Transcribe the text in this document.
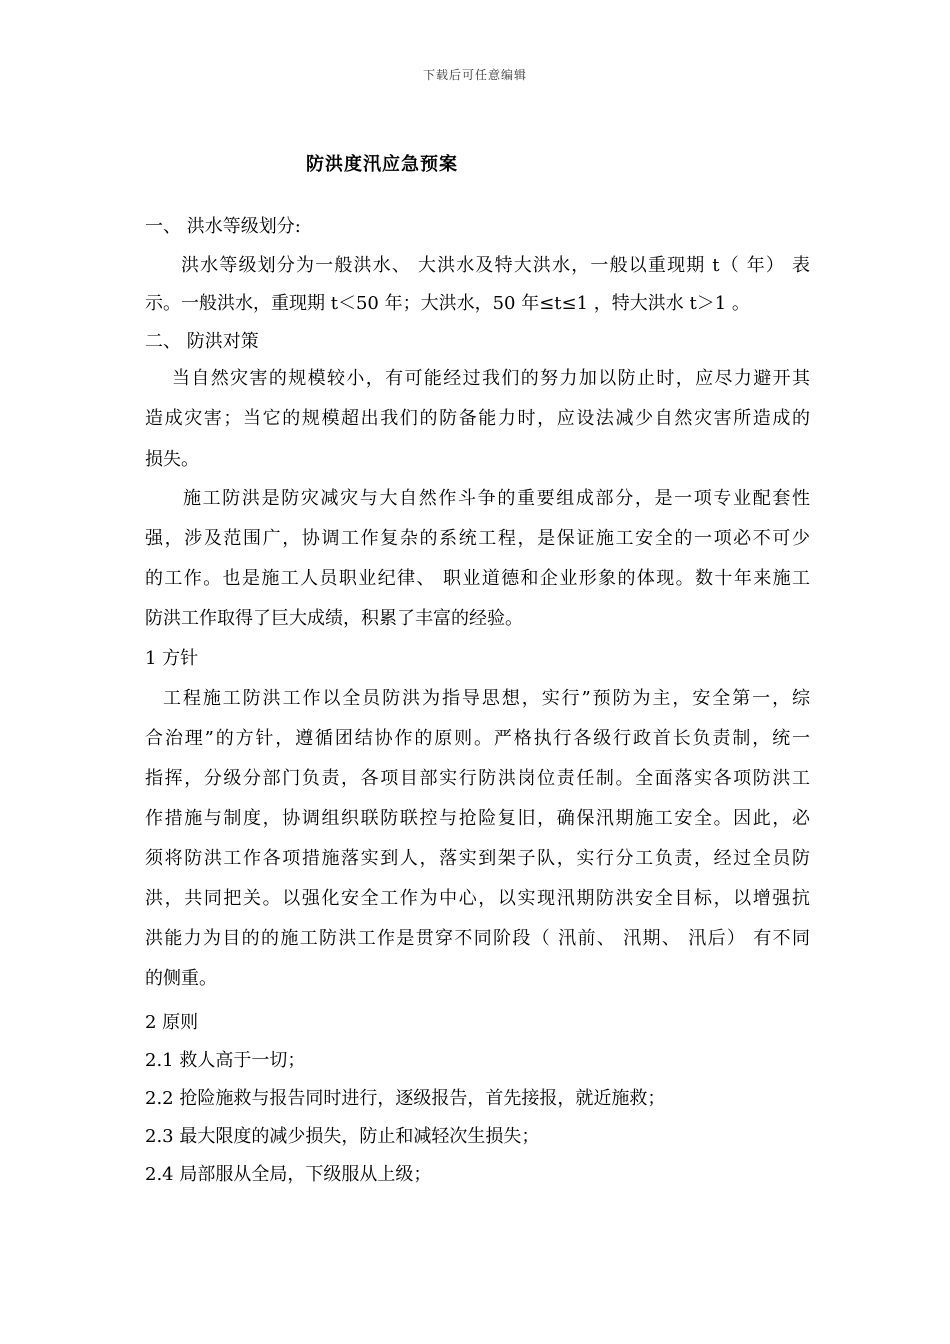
下载后可任意编辑
防洪度汛应急预案
一、 洪水等级划分:
洪水等级划分为一般洪水、 大洪水及特大洪水，一般以重现期 t（ 年） 表
示。一般洪水，重现期 t＜50 年；大洪水，50 年≤t≤1 ，特大洪水 t＞1 。
二、 防洪对策
当自然灾害的规模较小，有可能经过我们的努力加以防止时，应尽力避开其
造成灾害；当它的规模超出我们的防备能力时，应设法减少自然灾害所造成的
损失。
施工防洪是防灾减灾与大自然作斗争的重要组成部分，是一项专业配套性
强，涉及范围广，协调工作复杂的系统工程，是保证施工安全的一项必不可少
的工作。也是施工人员职业纪律、 职业道德和企业形象的体现。数十年来施工
防洪工作取得了巨大成绩，积累了丰富的经验。
1 方针
工程施工防洪工作以全员防洪为指导思想，实行”预防为主，安全第一，综
合治理”的方针，遵循团结协作的原则。严格执行各级行政首长负责制，统一
指挥，分级分部门负责，各项目部实行防洪岗位责任制。全面落实各项防洪工
作措施与制度，协调组织联防联控与抢险复旧，确保汛期施工安全。因此，必
须将防洪工作各项措施落实到人，落实到架子队，实行分工负责，经过全员防
洪，共同把关。以强化安全工作为中心，以实现汛期防洪安全目标，以增强抗
洪能力为目的的施工防洪工作是贯穿不同阶段（ 汛前、 汛期、 汛后） 有不同
的侧重。
2 原则
2.1 救人高于一切；
2.2 抢险施救与报告同时进行，逐级报告，首先接报，就近施救；
2.3 最大限度的减少损失，防止和减轻次生损失；
2.4 局部服从全局，下级服从上级；
